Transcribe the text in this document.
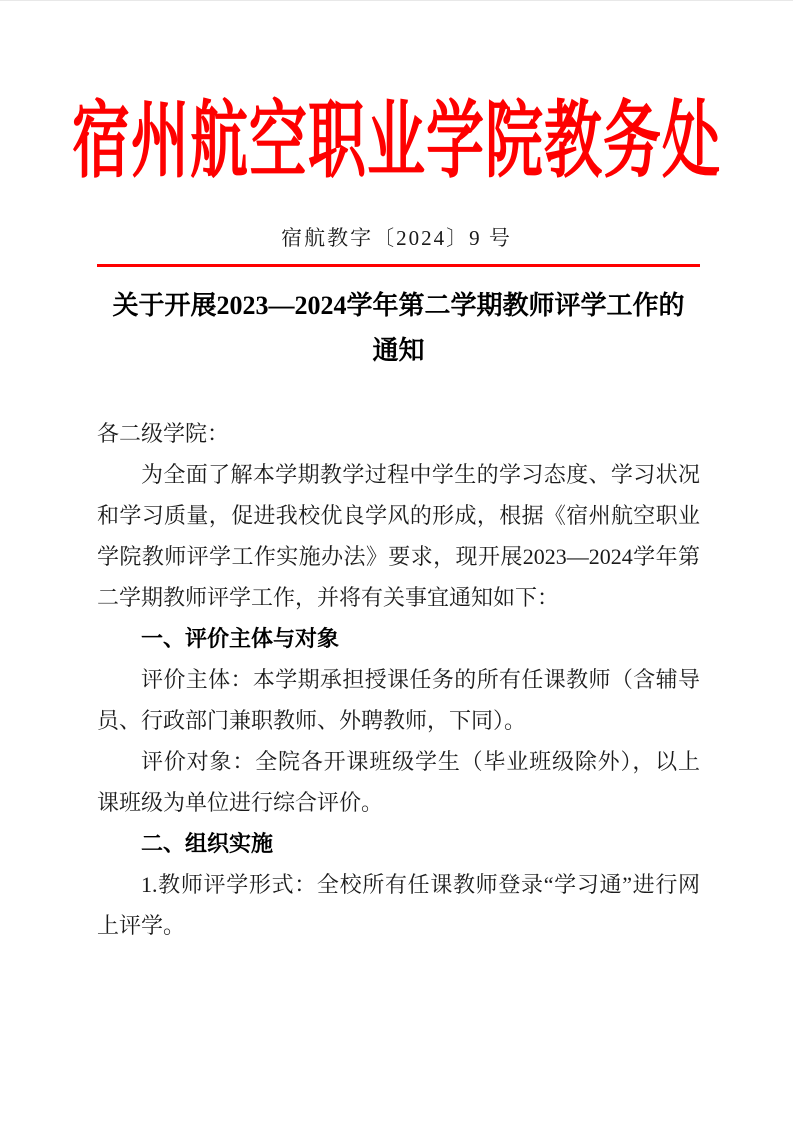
宿州航空职业学院教务处
宿航教字〔2024〕9 号
关于开展2023—2024学年第二学期教师评学工作的
通知

各二级学院：

为全面了解本学期教学过程中学生的学习态度、学习状况和学习质量，促进我校优良学风的形成，根据《宿州航空职业学院教师评学工作实施办法》要求，现开展2023—2024学年第二学期教师评学工作，并将有关事宜通知如下：

一、评价主体与对象

评价主体：本学期承担授课任务的所有任课教师（含辅导员、行政部门兼职教师、外聘教师，下同）。

评价对象：全院各开课班级学生（毕业班级除外），以上课班级为单位进行综合评价。

二、组织实施

1.教师评学形式：全校所有任课教师登录“学习通”进行网上评学。
